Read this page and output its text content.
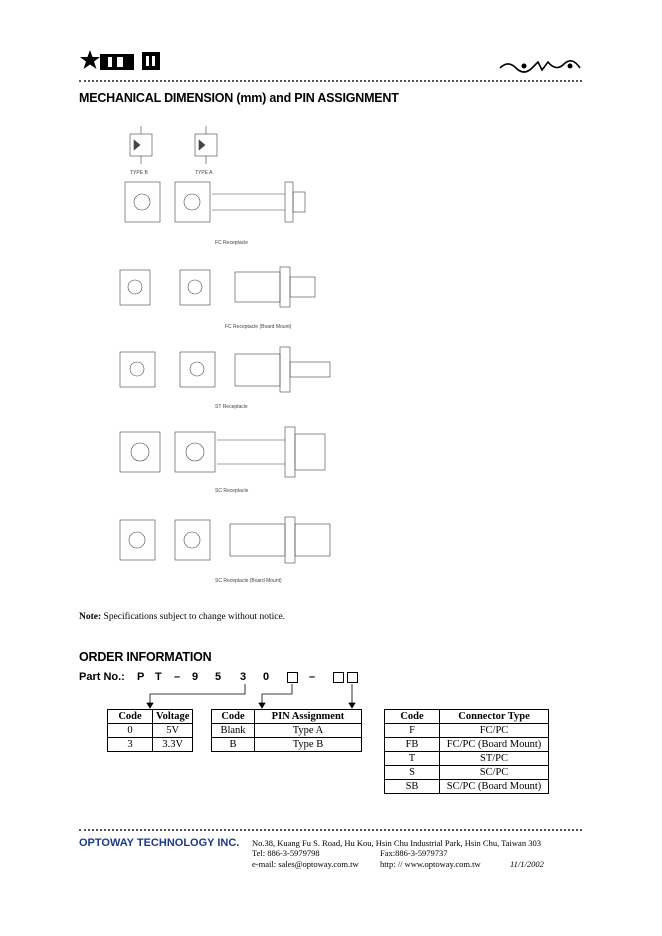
MECHANICAL DIMENSION (mm) and PIN ASSIGNMENT
TYPE B	TYPE A
FC Receptacle
FC Receptacle (Board Mount)
ST Receptacle
SC Receptacle
SC Receptacle (Board Mount)
Note: Specifications subject to change without notice.
ORDER INFORMATION
Part No.: P T – 9 5 3 0	–
Code	Voltage
0	5V
3	3.3V
Code	PIN Assignment
Blank	Type A
B	Type B
Code	Connector Type
F	FC/PC
FB	FC/PC (Board Mount)
T	ST/PC
S	SC/PC
SB	SC/PC (Board Mount)
OPTOWAY TECHNOLOGY INC. No.38, Kuang Fu S. Road, Hu Kou, Hsin Chu Industrial Park, Hsin Chu, Taiwan 303
Tel: 886-3-5979798	Fax:886-3-5979737
e-mail: sales@optoway.com.tw	http: // www.optoway.com.tw	11/1/2002
